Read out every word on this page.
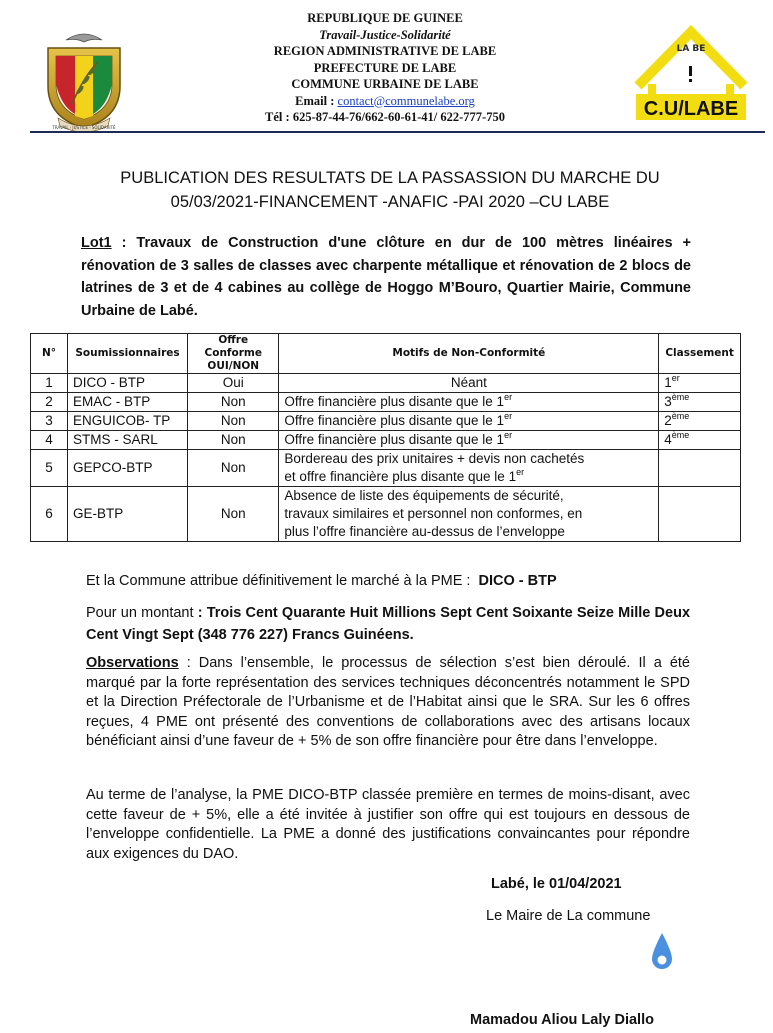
TRAVAIL · JUSTICE · SOLIDARITÉ
REPUBLIQUE DE GUINEE
Travail-Justice-Solidarité
REGION ADMINISTRATIVE DE LABE
PREFECTURE DE LABE
COMMUNE URBAINE DE LABE
Email : contact@communelabe.org
Tél : 625-87-44-76/662-60-61-41/ 622-777-750
LA BE
C.U/LABE
PUBLICATION DES RESULTATS DE LA PASSASSION DU MARCHE DU
05/03/2021-FINANCEMENT -ANAFIC -PAI 2020 –CU LABE
Lot1 : Travaux de Construction d'une clôture en dur de 100 mètres linéaires + rénovation de 3 salles de classes avec charpente métallique et rénovation de 2 blocs de latrines de 3 et de 4 cabines au collège de Hoggo M’Bouro, Quartier Mairie, Commune Urbaine de Labé.
N°	Soumissionnaires	Offre Conforme OUI/NON	Motifs de Non-Conformité	Classement
1	DICO - BTP	Oui	Néant	1er
2	EMAC - BTP	Non	Offre financière plus disante que le 1er	3ème
3	ENGUICOB- TP	Non	Offre financière plus disante que le 1er	2ème
4	STMS - SARL	Non	Offre financière plus disante que le 1er	4ème
5	GEPCO-BTP	Non	Bordereau des prix unitaires + devis non cachetés
et offre financière plus disante que le 1er

6	GE-BTP	Non	Absence de liste des équipements de sécurité,
travaux similaires et personnel non conformes, en
plus l’offre financière au-dessus de l’enveloppe	

Et la Commune attribue définitivement le marché à la PME : DICO - BTP
Pour un montant : Trois Cent Quarante Huit Millions Sept Cent Soixante Seize Mille Deux Cent Vingt Sept (348 776 227) Francs Guinéens.
Observations : Dans l’ensemble, le processus de sélection s’est bien déroulé. Il a été marqué par la forte représentation des services techniques déconcentrés notamment le SPD et la Direction Préfectorale de l’Urbanisme et de l’Habitat ainsi que le SRA. Sur les 6 offres reçues, 4 PME ont présenté des conventions de collaborations avec des artisans locaux bénéficiant ainsi d’une faveur de + 5% de son offre financière pour être dans l’enveloppe.
Au terme de l’analyse, la PME DICO-BTP classée première en termes de moins-disant, avec cette faveur de + 5%, elle a été invitée à justifier son offre qui est toujours en dessous de l’enveloppe confidentielle. La PME a donné des justifications convaincantes pour répondre aux exigences du DAO.
Labé, le 01/04/2021
Le Maire de La commune
Mamadou Aliou Laly Diallo
